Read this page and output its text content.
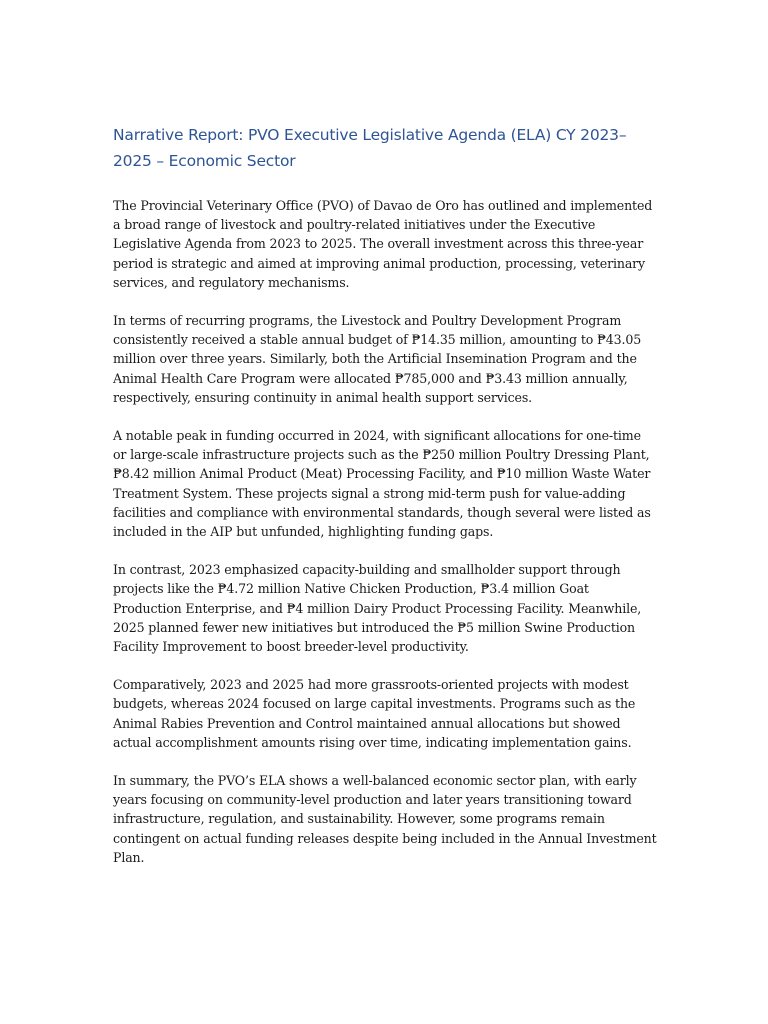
Narrative Report: PVO Executive Legislative Agenda (ELA) CY 2023–2025 – Economic Sector

The Provincial Veterinary Office (PVO) of Davao de Oro has outlined and implemented a broad range of livestock and poultry-related initiatives under the Executive Legislative Agenda from 2023 to 2025. The overall investment across this three-year period is strategic and aimed at improving animal production, processing, veterinary services, and regulatory mechanisms.

In terms of recurring programs, the Livestock and Poultry Development Program consistently received a stable annual budget of ₱14.35 million, amounting to ₱43.05 million over three years. Similarly, both the Artificial Insemination Program and the Animal Health Care Program were allocated ₱785,000 and ₱3.43 million annually, respectively, ensuring continuity in animal health support services.

A notable peak in funding occurred in 2024, with significant allocations for one-time or large-scale infrastructure projects such as the ₱250 million Poultry Dressing Plant, ₱8.42 million Animal Product (Meat) Processing Facility, and ₱10 million Waste Water Treatment System. These projects signal a strong mid-term push for value-adding facilities and compliance with environmental standards, though several were listed as included in the AIP but unfunded, highlighting funding gaps.

In contrast, 2023 emphasized capacity-building and smallholder support through projects like the ₱4.72 million Native Chicken Production, ₱3.4 million Goat Production Enterprise, and ₱4 million Dairy Product Processing Facility. Meanwhile, 2025 planned fewer new initiatives but introduced the ₱5 million Swine Production Facility Improvement to boost breeder-level productivity.

Comparatively, 2023 and 2025 had more grassroots-oriented projects with modest budgets, whereas 2024 focused on large capital investments. Programs such as the Animal Rabies Prevention and Control maintained annual allocations but showed actual accomplishment amounts rising over time, indicating implementation gains.

In summary, the PVO’s ELA shows a well-balanced economic sector plan, with early years focusing on community-level production and later years transitioning toward infrastructure, regulation, and sustainability. However, some programs remain contingent on actual funding releases despite being included in the Annual Investment Plan.
